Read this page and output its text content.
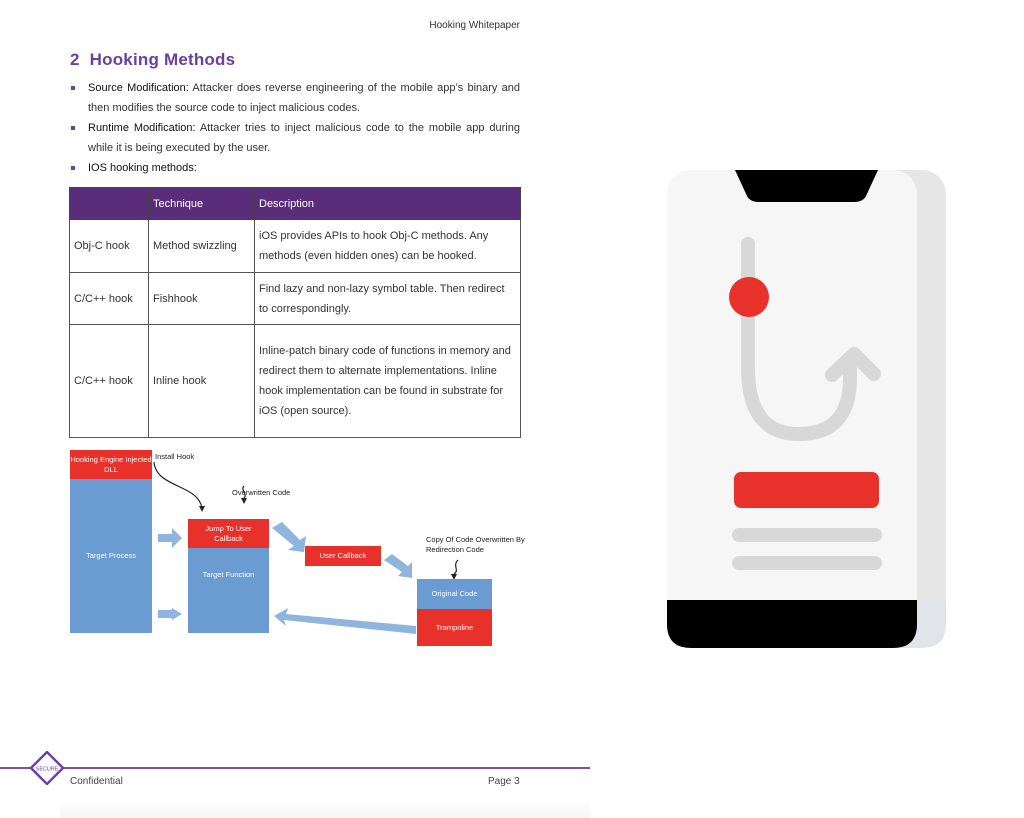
Hooking Whitepaper
2 Hooking Methods
Source Modification: Attacker does reverse engineering of the mobile app’s binary and then modifies the source code to inject malicious codes.
Runtime Modification: Attacker tries to inject malicious code to the mobile app during while it is being executed by the user.
IOS hooking methods:
	Technique	Description
Obj-C hook	Method swizzling	iOS provides APIs to hook Obj-C methods. Any methods (even hidden ones) can be hooked.
C/C++ hook	Fishhook	Find lazy and non-lazy symbol table. Then redirect to correspondingly.
C/C++ hook	Inline hook	Inline-patch binary code of functions in memory and redirect them to alternate implementations. Inline hook implementation can be found in substrate for iOS (open source).
Hooking Engine Injected DLL
Target Process
Install Hook
Overwritten Code
Jump To User Callback
Target Function
User Callback
Copy Of Code Overwritten By Redirection Code
Original Code
Trampoline
SECURE
Confidential	Page 3
